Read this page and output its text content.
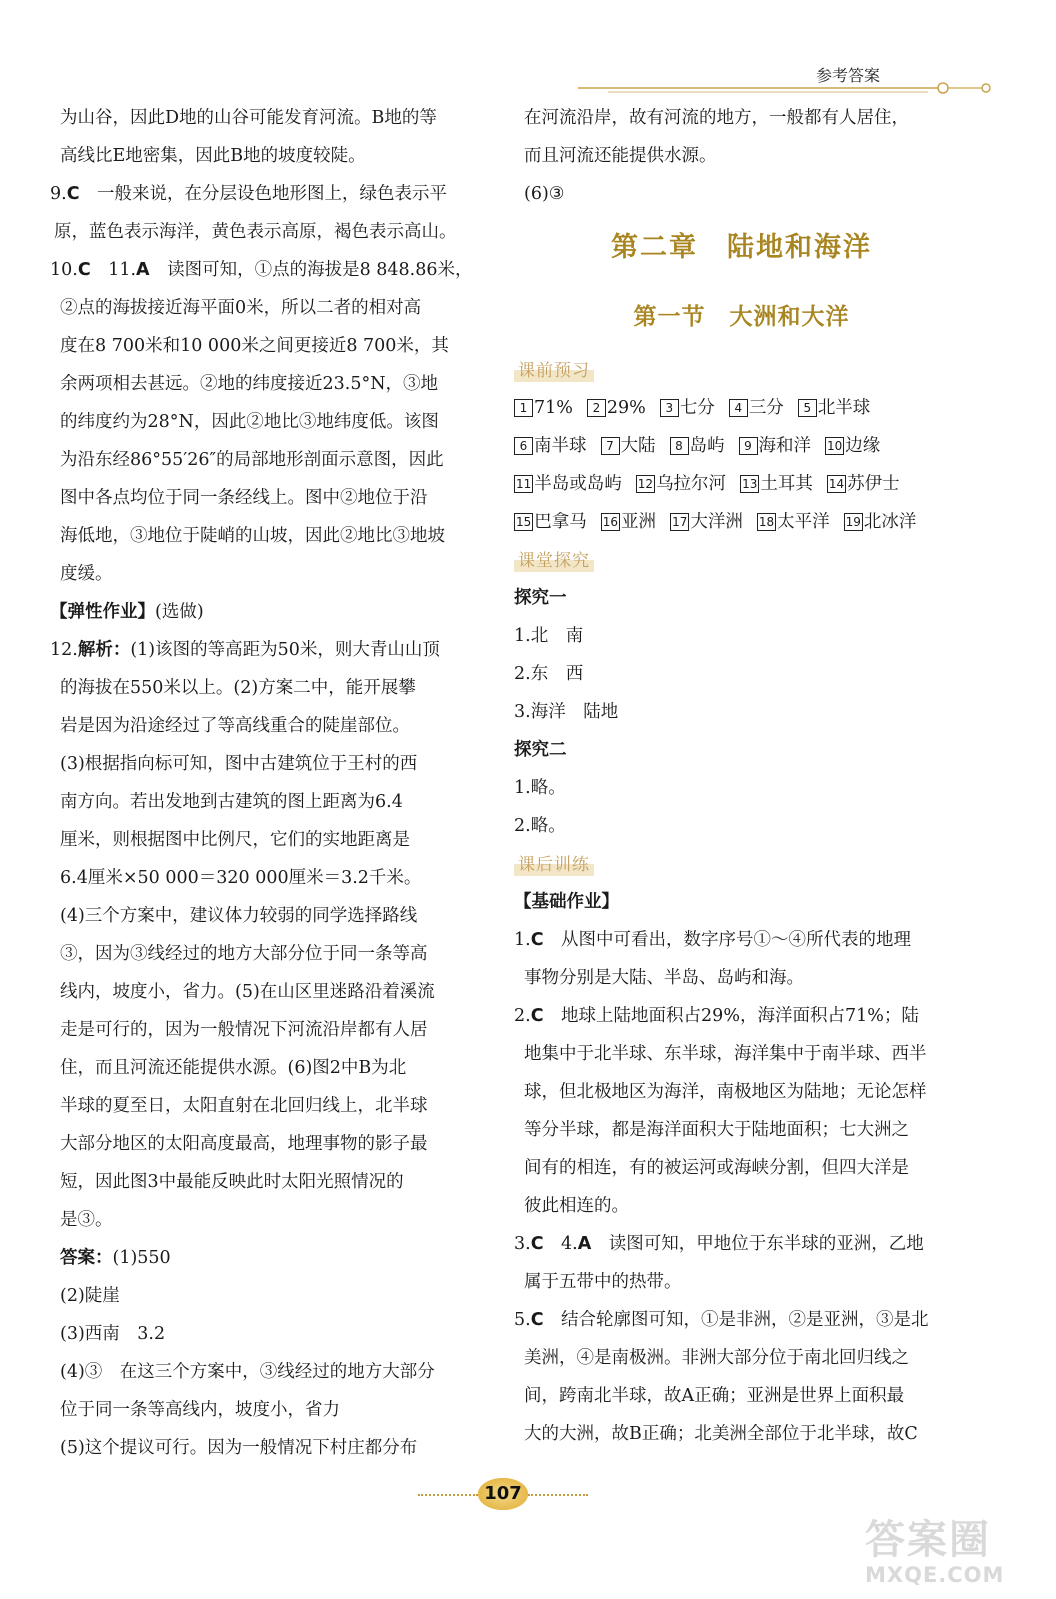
参考答案
为山谷，因此D地的山谷可能发育河流。B地的等
高线比E地密集，因此B地的坡度较陡。
9.C　 一般来说，在分层设色地形图上，绿色表示平
原，蓝色表示海洋，黄色表示高原，褐色表示高山。
10.C　 11.A　 读图可知，①点的海拔是8 848.86米，
②点的海拔接近海平面0米，所以二者的相对高
度在8 700米和10 000米之间更接近8 700米，其
余两项相去甚远。②地的纬度接近23.5°N，③地
的纬度约为28°N，因此②地比③地纬度低。该图
为沿东经86°55′26″的局部地形剖面示意图，因此
图中各点均位于同一条经线上。图中②地位于沿
海低地，③地位于陡峭的山坡，因此②地比③地坡
度缓。
【弹性作业】(选做)
12.解析：(1)该图的等高距为50米，则大青山山顶
的海拔在550米以上。(2)方案二中，能开展攀
岩是因为沿途经过了等高线重合的陡崖部位。
(3)根据指向标可知，图中古建筑位于王村的西
南方向。若出发地到古建筑的图上距离为6.4
厘米，则根据图中比例尺，它们的实地距离是
6.4厘米×50 000＝320 000厘米＝3.2千米。
(4)三个方案中，建议体力较弱的同学选择路线
③，因为③线经过的地方大部分位于同一条等高
线内，坡度小，省力。(5)在山区里迷路沿着溪流
走是可行的，因为一般情况下河流沿岸都有人居
住，而且河流还能提供水源。(6)图2中B为北
半球的夏至日，太阳直射在北回归线上，北半球
大部分地区的太阳高度最高，地理事物的影子最
短，因此图3中最能反映此时太阳光照情况的
是③。
答案：(1)550
(2)陡崖
(3)西南　3.2
(4)③　在这三个方案中，③线经过的地方大部分
位于同一条等高线内，坡度小，省力
(5)这个提议可行。因为一般情况下村庄都分布
在河流沿岸，故有河流的地方，一般都有人居住，
而且河流还能提供水源。
(6)③
第二章　陆地和海洋
第一节　大洲和大洋
课前预习
1 71%	2 29%	3 七分	4 三分	5 北半球
6 南半球	7 大陆	8 岛屿	9 海和洋 10 边缘
11 半岛或岛屿 12 乌拉尔河 13 土耳其 14 苏伊士
15 巴拿马 16 亚洲 17 大洋洲 18 太平洋 19 北冰洋
课堂探究
探究一
1.北　南
2.东　西
3.海洋　陆地
探究二
1.略。
2.略。
课后训练
【基础作业】
1.C　 从图中可看出，数字序号①～④所代表的地理
事物分别是大陆、半岛、岛屿和海。
2.C　 地球上陆地面积占29%，海洋面积占71%；陆
地集中于北半球、东半球，海洋集中于南半球、西半
球，但北极地区为海洋，南极地区为陆地；无论怎样
等分半球，都是海洋面积大于陆地面积；七大洲之
间有的相连，有的被运河或海峡分割，但四大洋是
彼此相连的。
3.C　 4.A　 读图可知，甲地位于东半球的亚洲，乙地
属于五带中的热带。
5.C　 结合轮廓图可知，①是非洲，②是亚洲，③是北
美洲，④是南极洲。非洲大部分位于南北回归线之
间，跨南北半球，故A正确；亚洲是世界上面积最
大的大洲，故B正确；北美洲全部位于北半球，故C
107
答案圈
MXQE.COM
